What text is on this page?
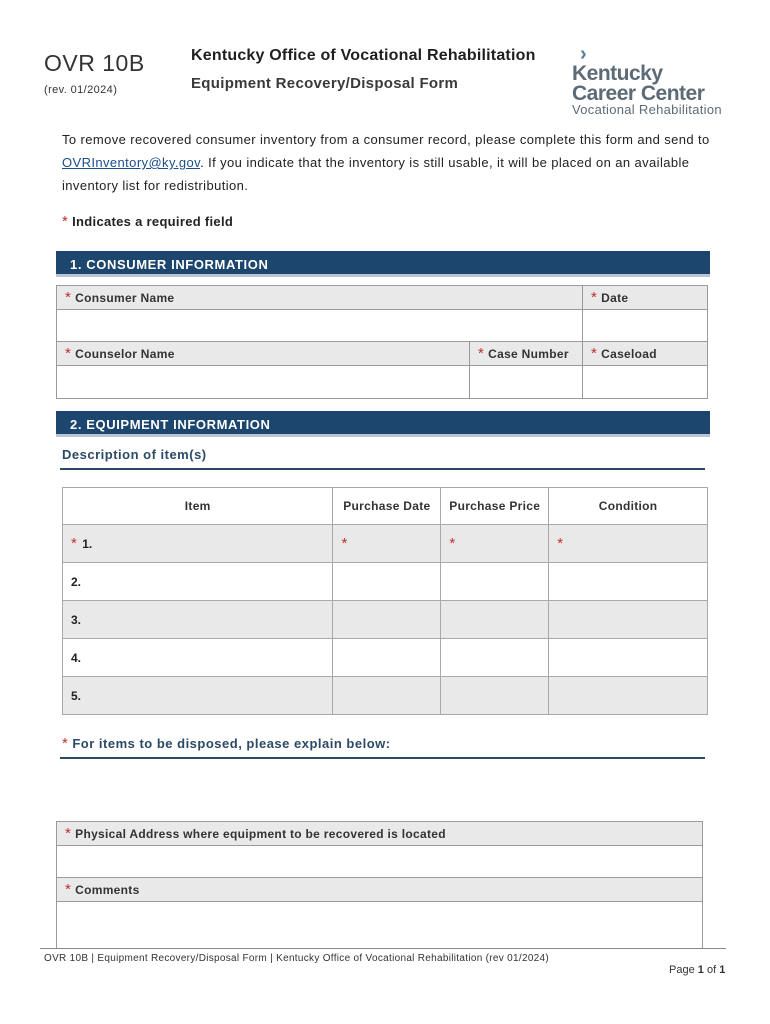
OVR 10B
(rev. 01/2024)
Kentucky Office of Vocational Rehabilitation
Equipment Recovery/Disposal Form
›
Kentucky
Career Center
Vocational Rehabilitation

To remove recovered consumer inventory from a consumer record, please complete this form and send to OVRInventory@ky.gov. If you indicate that the inventory is still usable, it will be placed on an available inventory list for redistribution.

* Indicates a required field
1. CONSUMER INFORMATION
* Consumer Name	* Date
* Counselor Name	* Case Number	* Caseload
2. EQUIPMENT INFORMATION
Description of item(s)
Item	Purchase Date	Purchase Price	Condition
* 1.	*	*	*
2.			
3.			
4.			
5.			
* For items to be disposed, please explain below:
* Physical Address where equipment to be recovered is located
* Comments
OVR 10B | Equipment Recovery/Disposal Form | Kentucky Office of Vocational Rehabilitation (rev 01/2024)
Page 1 of 1
